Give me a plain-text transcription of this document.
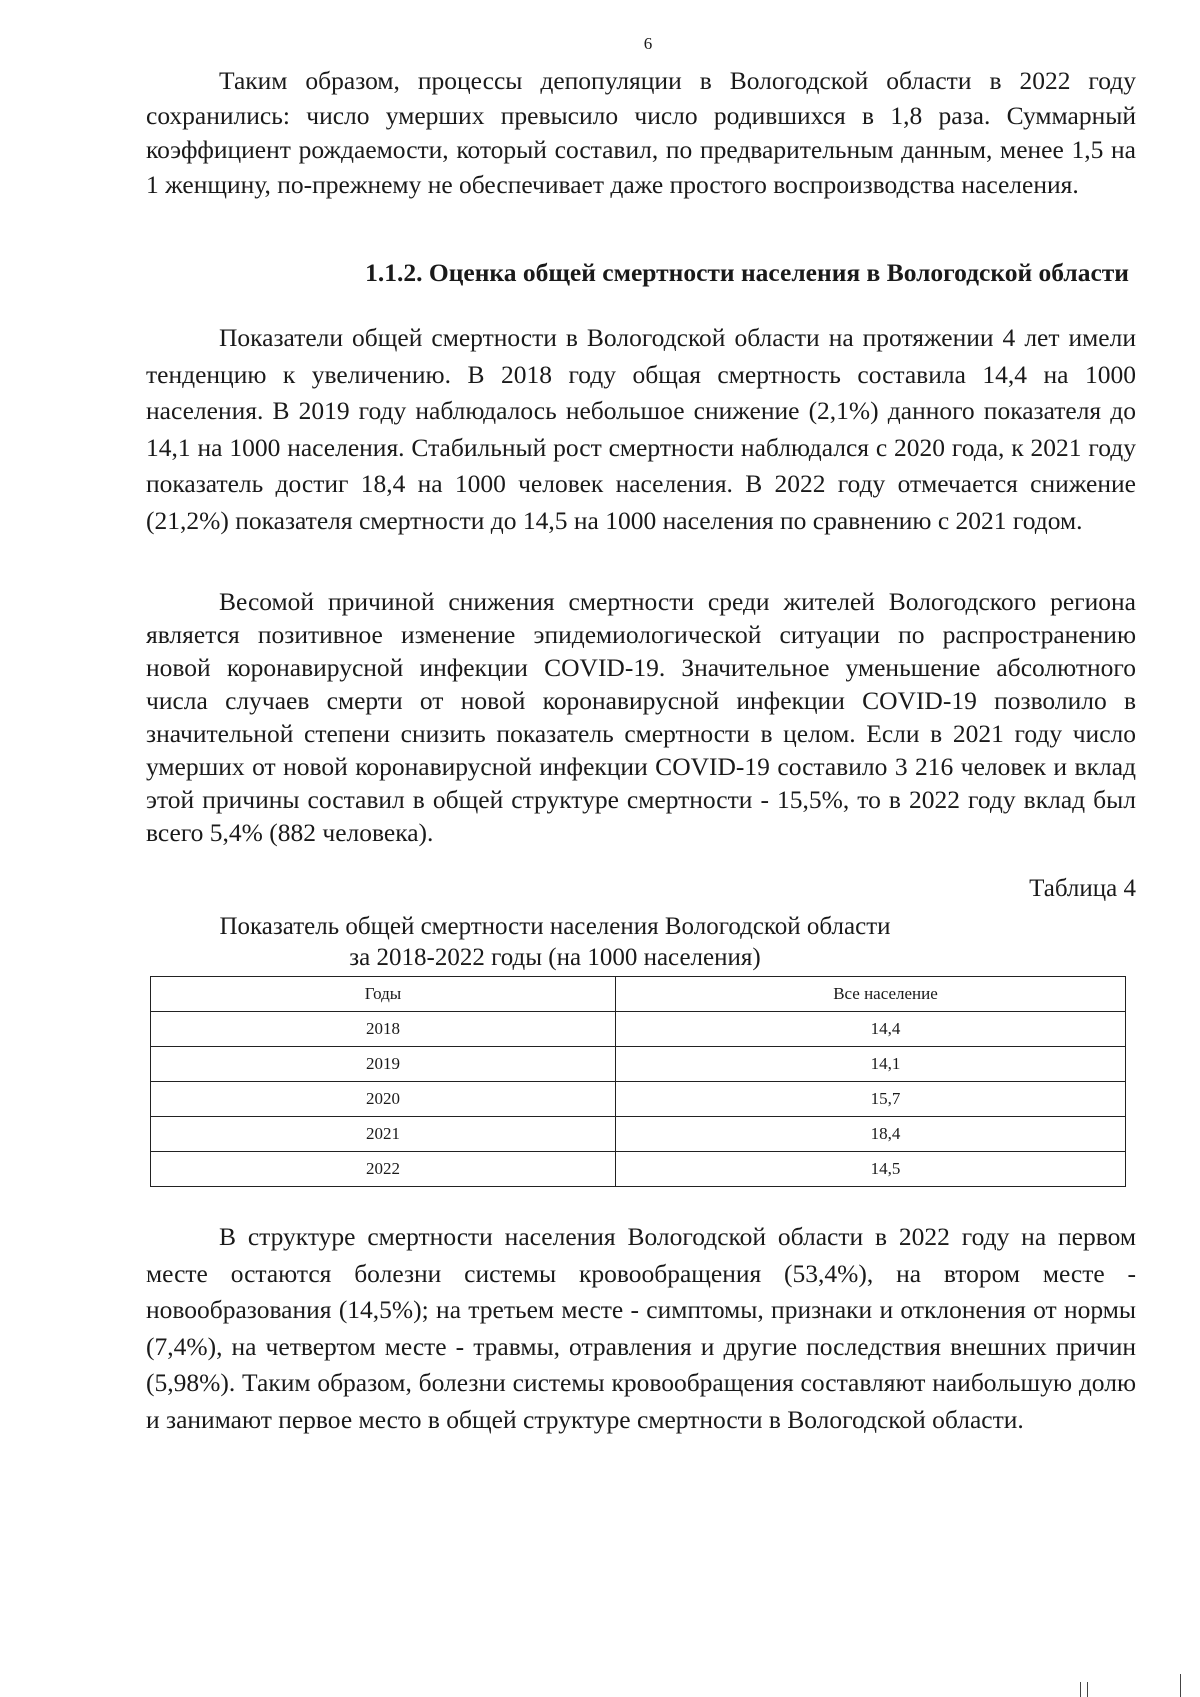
6

Таким образом, процессы депопуляции в Вологодской области в 2022 году сохранились: число умерших превысило число родившихся в 1,8 раза. Суммарный коэффициент рождаемости, который составил, по предварительным данным, менее 1,5 на 1 женщину, по-прежнему не обеспечивает даже простого воспроизводства населения.

1.1.2. Оценка общей смертности населения в Вологодской области

Показатели общей смертности в Вологодской области на протяжении 4 лет имели тенденцию к увеличению. В 2018 году общая смертность составила 14,4 на 1000 населения. В 2019 году наблюдалось небольшое снижение (2,1%) данного показателя до 14,1 на 1000 населения. Стабильный рост смертности наблюдался с 2020 года, к 2021 году показатель достиг 18,4 на 1000 человек населения. В 2022 году отмечается снижение (21,2%) показателя смертности до 14,5 на 1000 населения по сравнению с 2021 годом.

Весомой причиной снижения смертности среди жителей Вологодского региона является позитивное изменение эпидемиологической ситуации по распространению новой коронавирусной инфекции COVID-19. Значительное уменьшение абсолютного числа случаев смерти от новой коронавирусной инфекции COVID-19 позволило в значительной степени снизить показатель смертности в целом. Если в 2021 году число умерших от новой коронавирусной инфекции COVID-19 составило 3 216 человек и вклад этой причины составил в общей структуре смертности - 15,5%, то в 2022 году вклад был всего 5,4% (882 человека).

Таблица 4
Показатель общей смертности населения Вологодской области
за 2018-2022 годы (на 1000 населения)
Годы	Все население
2018	14,4
2019	14,1
2020	15,7
2021	18,4
2022	14,5

В структуре смертности населения Вологодской области в 2022 году на первом месте остаются болезни системы кровообращения (53,4%), на втором месте - новообразования (14,5%); на третьем месте - симптомы, признаки и отклонения от нормы (7,4%), на четвертом месте - травмы, отравления и другие последствия внешних причин (5,98%). Таким образом, болезни системы кровообращения составляют наибольшую долю и занимают первое место в общей структуре смертности в Вологодской области.
